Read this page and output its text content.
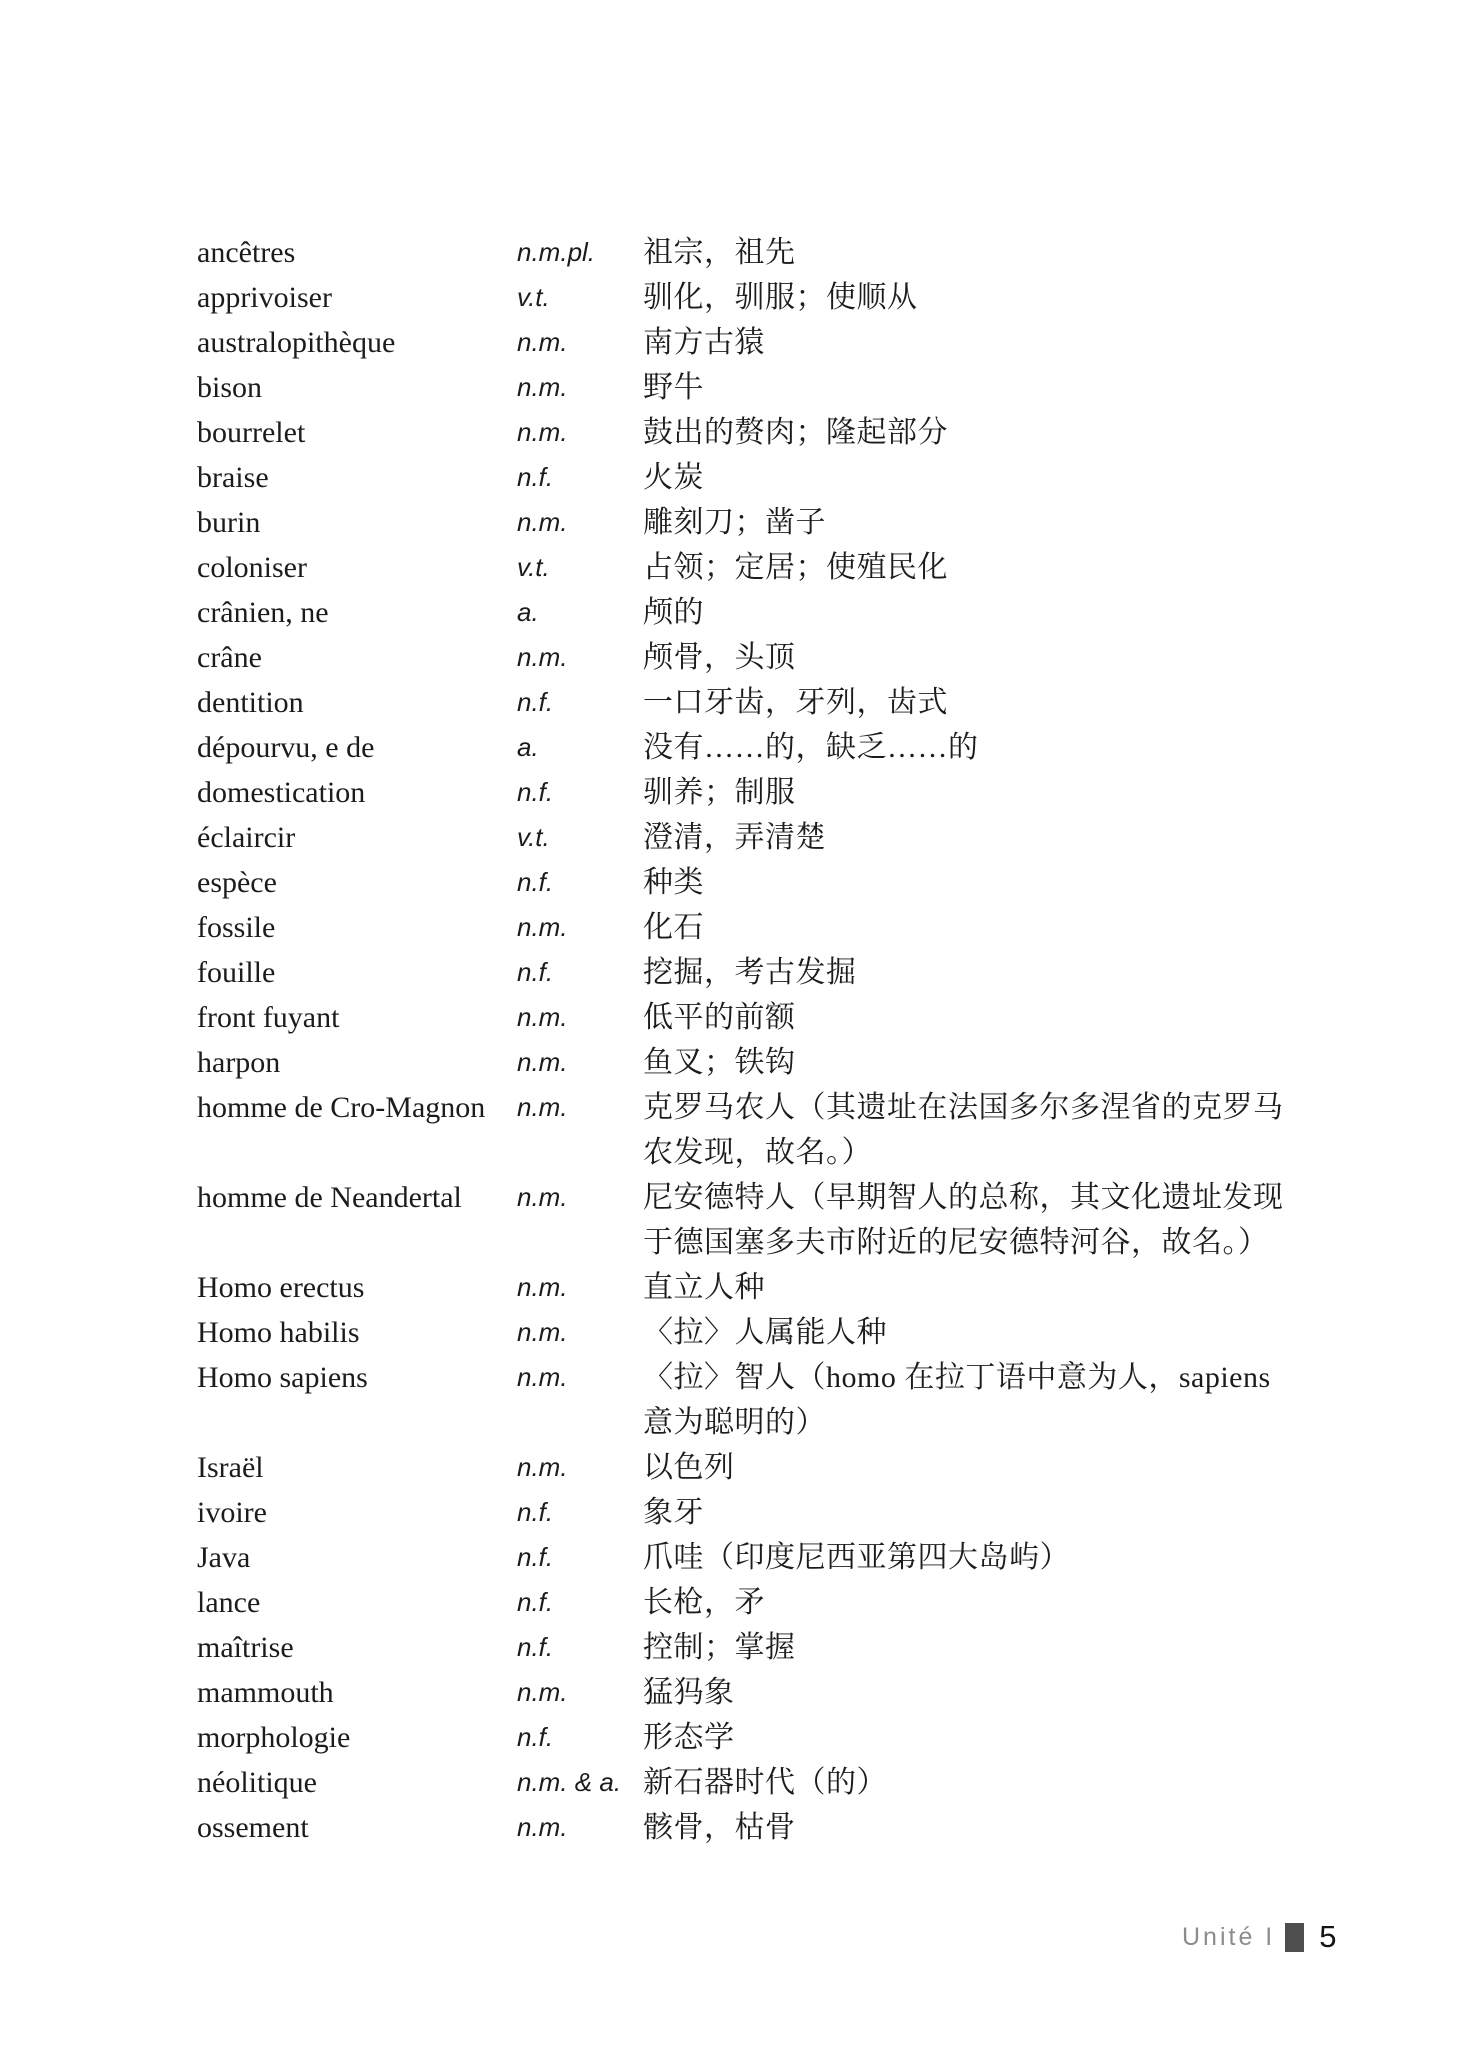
ancêtres	n.m.pl.	祖宗，祖先
apprivoiser	v.t.	驯化，驯服；使顺从
australopithèque	n.m.	南方古猿
bison	n.m.	野牛
bourrelet	n.m.	鼓出的赘肉；隆起部分
braise	n.f.	火炭
burin	n.m.	雕刻刀；凿子
coloniser	v.t.	占领；定居；使殖民化
crânien, ne	a.	颅的
crâne	n.m.	颅骨，头顶
dentition	n.f.	一口牙齿，牙列，齿式
dépourvu, e de	a.	没有……的，缺乏……的
domestication	n.f.	驯养；制服
éclaircir	v.t.	澄清，弄清楚
espèce	n.f.	种类
fossile	n.m.	化石
fouille	n.f.	挖掘，考古发掘
front fuyant	n.m.	低平的前额
harpon	n.m.	鱼叉；铁钩
homme de Cro-Magnon	n.m.	克罗马农人（其遗址在法国多尔多涅省的克罗马农发现，故名。）
homme de Neandertal	n.m.	尼安德特人（早期智人的总称，其文化遗址发现于德国塞多夫市附近的尼安德特河谷，故名。）
Homo erectus	n.m.	直立人种
Homo habilis	n.m.	〈拉〉人属能人种
Homo sapiens	n.m.	〈拉〉智人（homo 在拉丁语中意为人，sapiens 意为聪明的）
Israël	n.m.	以色列
ivoire	n.f.	象牙
Java	n.f.	爪哇（印度尼西亚第四大岛屿）
lance	n.f.	长枪，矛
maîtrise	n.f.	控制；掌握
mammouth	n.m.	猛犸象
morphologie	n.f.	形态学
néolitique	n.m. & a. 新石器时代（的）
ossement	n.m.	骸骨，枯骨
Unité I 5
